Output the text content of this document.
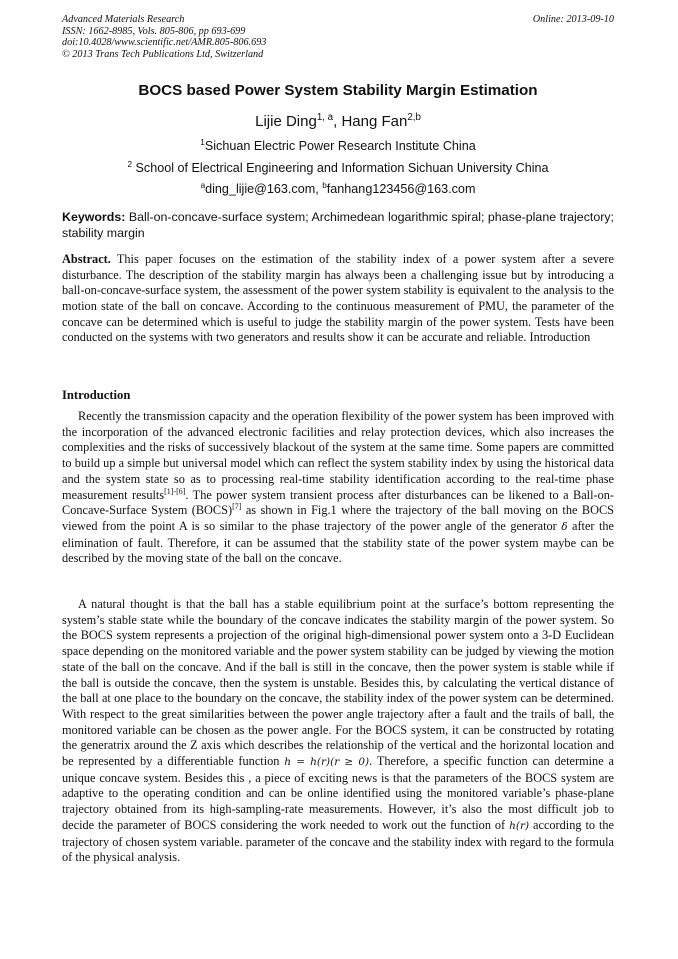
Advanced Materials Research
ISSN: 1662-8985, Vols. 805-806, pp 693-699
doi:10.4028/www.scientific.net/AMR.805-806.693
© 2013 Trans Tech Publications Ltd, Switzerland
Online: 2013-09-10
BOCS based Power System Stability Margin Estimation
Lijie Ding$^{1, a}$, Hang Fan$^{2,b}$
$^1$Sichuan Electric Power Research Institute China
$^2$ School of Electrical Engineering and Information Sichuan University China
$^a$ding_lijie@163.com, $^b$fanhang123456@163.com
Keywords: Ball-on-concave-surface system; Archimedean logarithmic spiral; phase-plane trajectory; stability margin
Abstract. This paper focuses on the estimation of the stability index of a power system after a severe disturbance. The description of the stability margin has always been a challenging issue but by introducing a ball-on-concave-surface system, the assessment of the power system stability is equivalent to the analysis to the motion state of the ball on concave. According to the continuous measurement of PMU, the parameter of the concave can be determined which is useful to judge the stability margin of the power system. Tests have been conducted on the systems with two generators and results show it can be accurate and reliable. Introduction
Introduction
Recently the transmission capacity and the operation flexibility of the power system has been improved with the incorporation of the advanced electronic facilities and relay protection devices, which also increases the complexities and the risks of successively blackout of the system at the same time. Some papers are committed to build up a simple but universal model which can reflect the system stability index by using the historical data and the system state so as to processing real-time stability identification according to the real-time phase measurement results[1]-[6]. The power system transient process after disturbances can be likened to a Ball-on-Concave-Surface System (BOCS)[7] as shown in Fig.1 where the trajectory of the ball moving on the BOCS viewed from the point A is so similar to the phase trajectory of the power angle of the generator δ after the elimination of fault. Therefore, it can be assumed that the stability state of the power system maybe can be described by the moving state of the ball on the concave.
A natural thought is that the ball has a stable equilibrium point at the surface’s bottom representing the system’s stable state while the boundary of the concave indicates the stability margin of the power system. So the BOCS system represents a projection of the original high-dimensional power system onto a 3-D Euclidean space depending on the monitored variable and the power system stability can be judged by viewing the motion state of the ball on the concave. And if the ball is still in the concave, then the power system is stable while if the ball is outside the concave, then the system is unstable. Besides this, by calculating the vertical distance of the ball at one place to the boundary on the concave, the stability index of the power system can be determined. With respect to the great similarities between the power angle trajectory after a fault and the trails of ball, the monitored variable can be chosen as the power angle. For the BOCS system, it can be constructed by rotating the generatrix around the Z axis which describes the relationship of the vertical and the horizontal location and be represented by a differentiable function h = h(r)(r ≥ 0). Therefore, a specific function can determine a unique concave system. Besides this , a piece of exciting news is that the parameters of the BOCS system are adaptive to the operating condition and can be online identified using the monitored variable’s phase-plane trajectory obtained from its high-sampling-rate measurements. However, it’s also the most difficult job to decide the parameter of BOCS considering the work needed to work out the function of h(r) according to the trajectory of chosen system variable. parameter of the concave and the stability index with regard to the formula of the physical analysis.
